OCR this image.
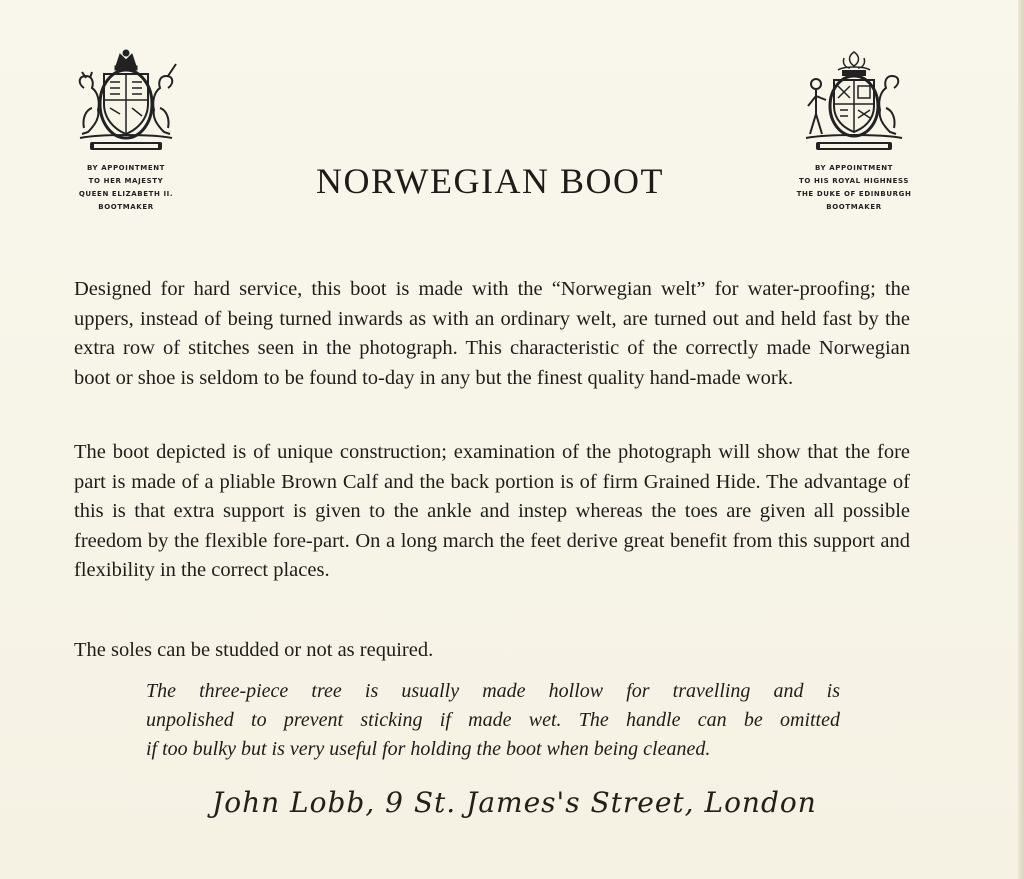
BY APPOINTMENT
TO HER MAJESTY
QUEEN ELIZABETH II.
BOOTMAKER
BY APPOINTMENT
TO HIS ROYAL HIGHNESS
THE DUKE OF EDINBURGH
BOOTMAKER
NORWEGIAN BOOT
Designed for hard service, this boot is made with the “Norwegian welt” for water-proofing; the uppers, instead of being turned inwards as with an ordinary welt, are turned out and held fast by the extra row of stitches seen in the photograph. This characteristic of the correctly made Norwegian boot or shoe is seldom to be found to-day in any but the finest quality hand-made work.
The boot depicted is of unique construction; examination of the photograph will show that the fore part is made of a pliable Brown Calf and the back portion is of firm Grained Hide. The advantage of this is that extra support is given to the ankle and instep whereas the toes are given all possible freedom by the flexible fore-part. On a long march the feet derive great benefit from this support and flexibility in the correct places.
The soles can be studded or not as required.
The three-piece tree is usually made hollow for travelling and is
unpolished to prevent sticking if made wet. The handle can be omitted
if too bulky but is very useful for holding the boot when being cleaned.
John Lobb, 9 St. James's Street, London
